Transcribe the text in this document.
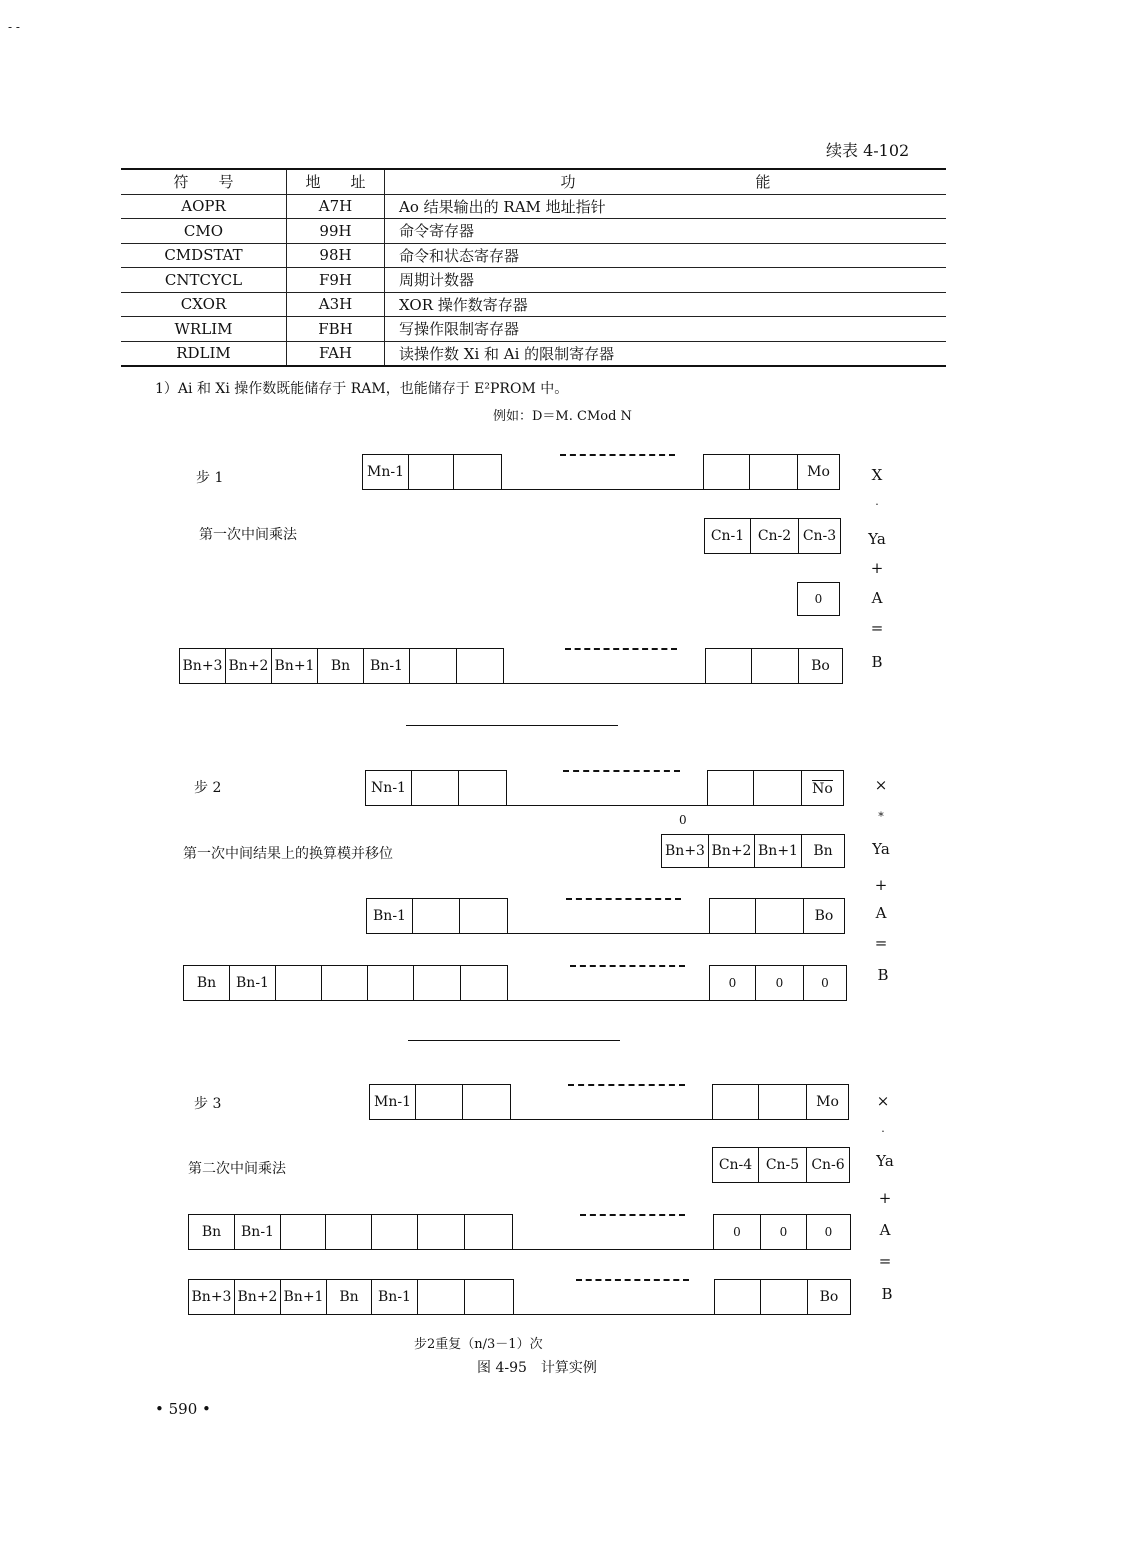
- -
续表 4-102
符　　号	地　　址	功　　　　　　　　　　　　能
AOPR	A7H	Ao 结果输出的 RAM 地址指针
CMO	99H	命令寄存器
CMDSTAT	98H	命令和状态寄存器
CNTCYCL	F9H	周期计数器
CXOR	A3H	XOR 操作数寄存器
WRLIM	FBH	写操作限制寄存器
RDLIM	FAH	读操作数 Xi 和 Ai 的限制寄存器
1）Ai 和 Xi 操作数既能储存于 RAM，也能储存于 E²PROM 中。
例如：D＝M. CMod N
步 1
第一次中间乘法
Mn-1	Mo
Cn-1 Cn-2 Cn-3
0
Bn+3 Bn+2 Bn+1	Bn	Bn-1	Bo
X
·
Ya
+
A
=
B
步 2
第一次中间结果上的换算模并移位
Nn-1	No
0
Bn+3 Bn+2 Bn+1	Bn
Bn-1	Bo
Bn	Bn-1	0	0	0
×
*
Ya
+
A
=
B
步 3
第二次中间乘法
Mn-1	Mo
Cn-4 Cn-5 Cn-6
Bn	Bn-1	0	0	0
Bn+3 Bn+2 Bn+1	Bn	Bn-1	Bo
×
·
Ya
+
A
=
B
步2重复（n/3－1）次
图 4-95　计算实例
• 590 •
